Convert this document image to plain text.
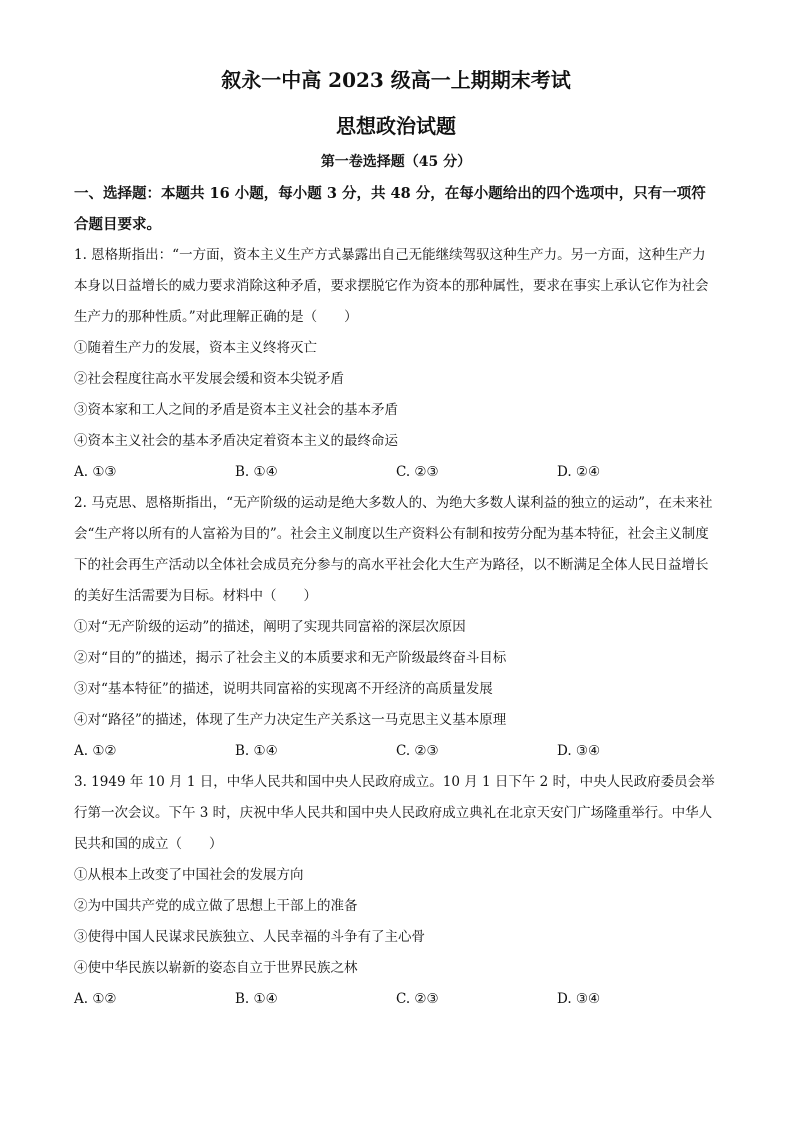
叙永一中高 2023 级高一上期期末考试
思想政治试题
第一卷选择题（45 分）

一、选择题：本题共 16 小题，每小题 3 分，共 48 分，在每小题给出的四个选项中，只有一项符合题目要求。

1. 恩格斯指出：“一方面，资本主义生产方式暴露出自己无能继续驾驭这种生产力。另一方面，这种生产力本身以日益增长的威力要求消除这种矛盾，要求摆脱它作为资本的那种属性，要求在事实上承认它作为社会生产力的那种性质。”对此理解正确的是（　　）

①随着生产力的发展，资本主义终将灭亡

②社会程度往高水平发展会缓和资本尖锐矛盾

③资本家和工人之间的矛盾是资本主义社会的基本矛盾

④资本主义社会的基本矛盾决定着资本主义的最终命运

A. ①③	B. ①④	C. ②③	D. ②④

2. 马克思、恩格斯指出，“无产阶级的运动是绝大多数人的、为绝大多数人谋利益的独立的运动”，在未来社会“生产将以所有的人富裕为目的”。社会主义制度以生产资料公有制和按劳分配为基本特征，社会主义制度下的社会再生产活动以全体社会成员充分参与的高水平社会化大生产为路径，以不断满足全体人民日益增长的美好生活需要为目标。材料中（　　）

①对“无产阶级的运动”的描述，阐明了实现共同富裕的深层次原因

②对“目的”的描述，揭示了社会主义的本质要求和无产阶级最终奋斗目标

③对“基本特征”的描述，说明共同富裕的实现离不开经济的高质量发展

④对“路径”的描述，体现了生产力决定生产关系这一马克思主义基本原理

A. ①②	B. ①④	C. ②③	D. ③④

3. 1949 年 10 月 1 日，中华人民共和国中央人民政府成立。10 月 1 日下午 2 时，中央人民政府委员会举行第一次会议。下午 3 时，庆祝中华人民共和国中央人民政府成立典礼在北京天安门广场隆重举行。中华人民共和国的成立（　　）

①从根本上改变了中国社会的发展方向

②为中国共产党的成立做了思想上干部上的准备

③使得中国人民谋求民族独立、人民幸福的斗争有了主心骨

④使中华民族以崭新的姿态自立于世界民族之林

A. ①②	B. ①④	C. ②③	D. ③④
